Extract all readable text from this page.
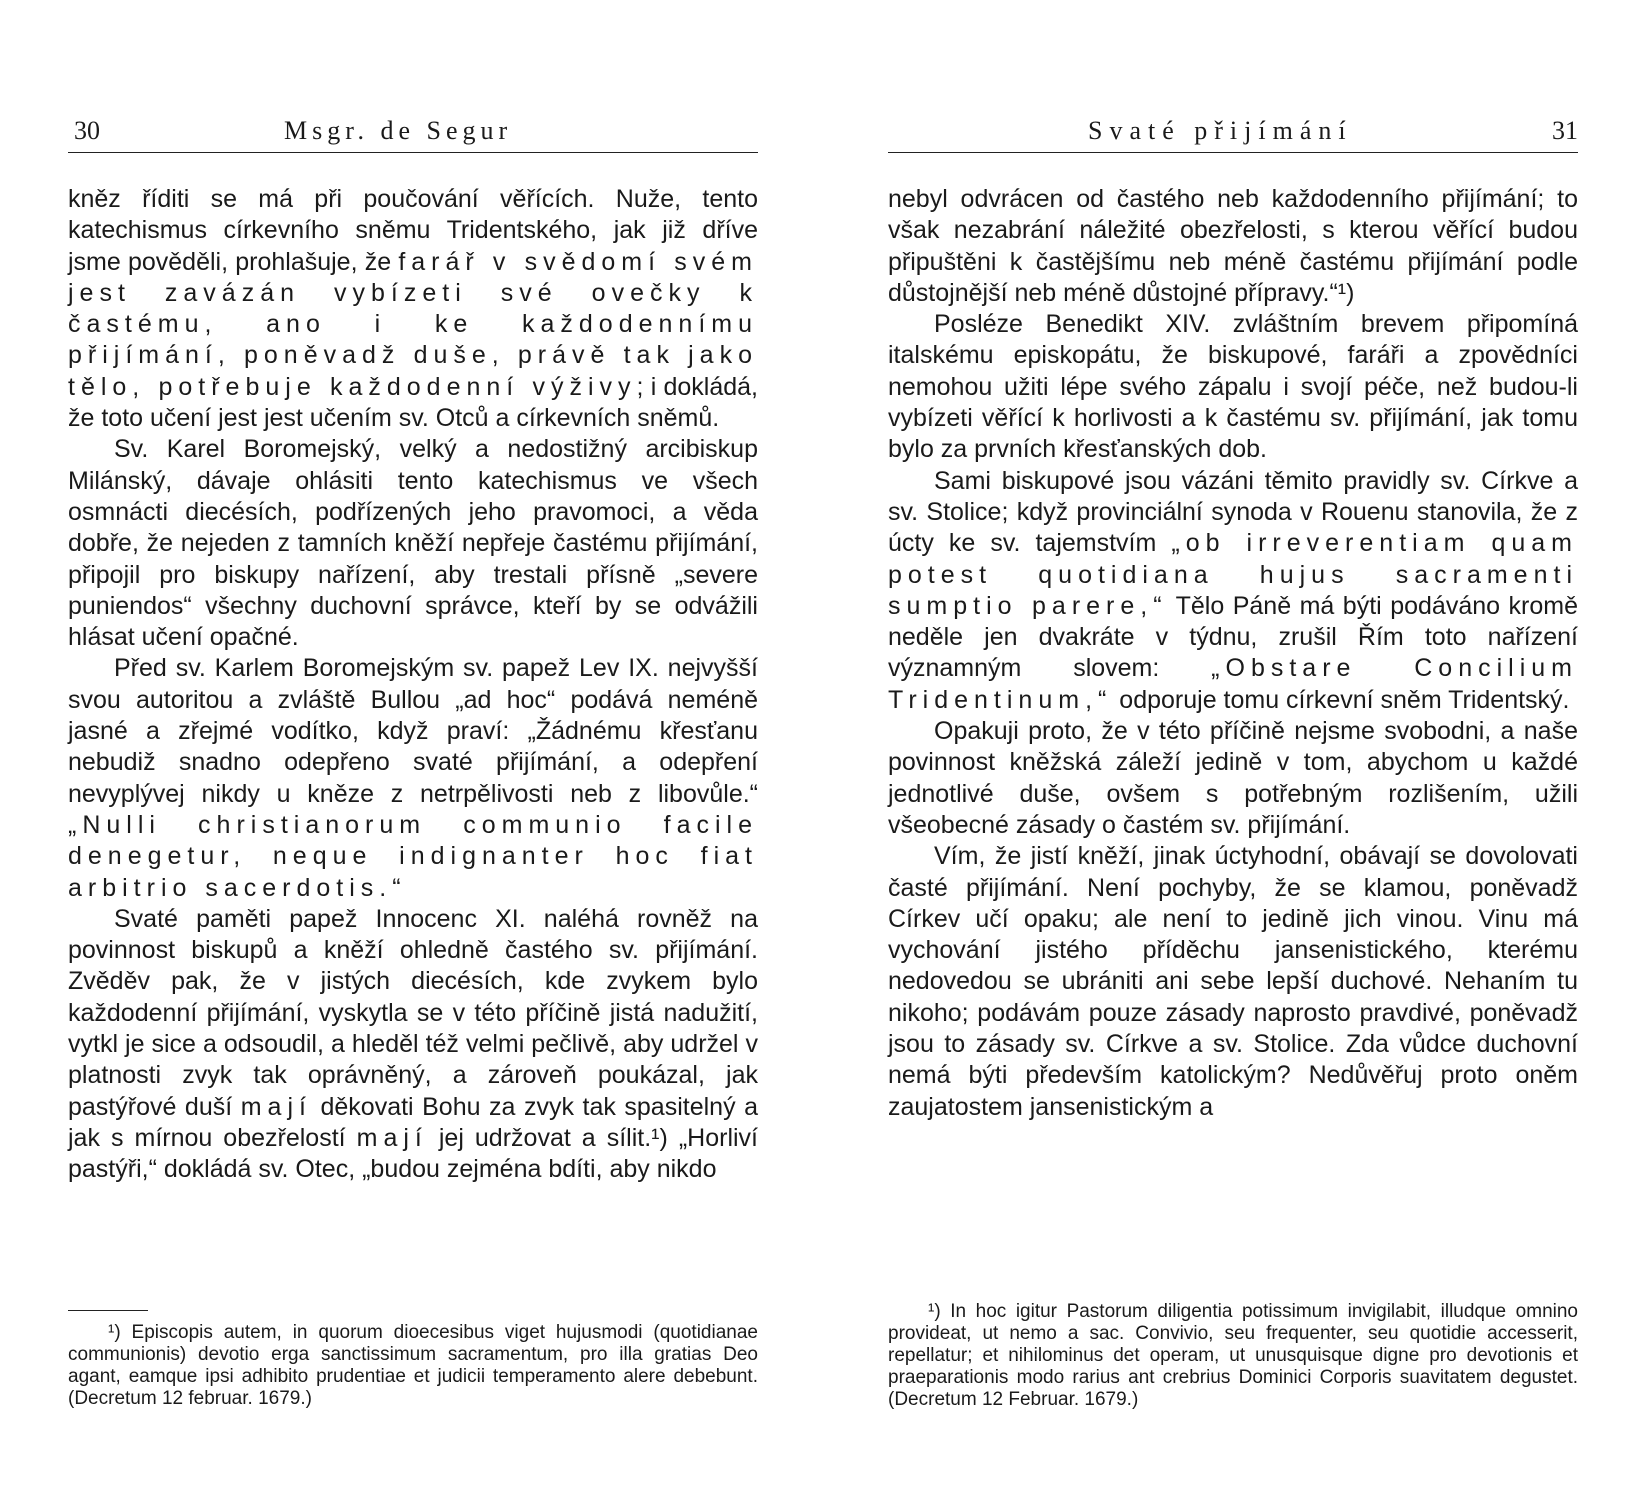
30	Msgr. de Segur

kněz říditi se má při poučování věřících. Nuže, tento katechismus církevního sněmu Tridentského, jak již dříve jsme pověděli, prohlašuje, že farář v svědomí svém jest zavázán vybízeti své ovečky k častému, ano i ke každodennímu přijímání, poněvadž duše, právě tak jako tělo, potřebuje každodenní výživy; i dokládá, že toto učení jest jest učením sv. Otců a církevních sněmů.

Sv. Karel Boromejský, velký a nedostižný arcibiskup Milánský, dávaje ohlásiti tento katechismus ve všech osmnácti diecésích, podřízených jeho pravomoci, a věda dobře, že nejeden z tamních kněží nepřeje častému přijímání, připojil pro biskupy nařízení, aby trestali přísně „severe puniendos“ všechny duchovní správce, kteří by se odvážili hlásat učení opačné.

Před sv. Karlem Boromejským sv. papež Lev IX. nejvyšší svou autoritou a zvláště Bullou „ad hoc“ podává neméně jasné a zřejmé vodítko, když praví: „Žádnému křesťanu nebudiž snadno odepřeno svaté přijímání, a odepření nevyplývej nikdy u kněze z netrpělivosti neb z libovůle.“ „Nulli christianorum communio facile denegetur, neque indignanter hoc fiat arbitrio sacerdotis.“

Svaté paměti papež Innocenc XI. naléhá rovněž na povinnost biskupů a kněží ohledně častého sv. přijímání. Zvěděv pak, že v jistých diecésích, kde zvykem bylo každodenní přijímání, vyskytla se v této příčině jistá nadužití, vytkl je sice a odsoudil, a hleděl též velmi pečlivě, aby udržel v platnosti zvyk tak oprávněný, a zároveň poukázal, jak pastýřové duší mají děkovati Bohu za zvyk tak spasitelný a jak s mírnou obezřelostí mají jej udržovat a sílit.¹) „Horliví pastýři,“ dokládá sv. Otec, „budou zejména bdíti, aby nikdo

¹) Episcopis autem, in quorum dioecesibus viget hujusmodi (quotidianae communionis) devotio erga sanctissimum sacramentum, pro illa gratias Deo agant, eamque ipsi adhibito prudentiae et judicii temperamento alere debebunt. (Decretum 12 februar. 1679.)
Svaté přijímání	31

nebyl odvrácen od častého neb každodenního přijímání; to však nezabrání náležité obezřelosti, s kterou věřící budou připuštěni k častějšímu neb méně častému přijímání podle důstojnější neb méně důstojné přípravy.“¹)

Posléze Benedikt XIV. zvláštním brevem připomíná italskému episkopátu, že biskupové, faráři a zpovědníci nemohou užiti lépe svého zápalu i svojí péče, než budou-li vybízeti věřící k horlivosti a k častému sv. přijímání, jak tomu bylo za prvních křesťanských dob.

Sami biskupové jsou vázáni těmito pravidly sv. Církve a sv. Stolice; když provinciální synoda v Rouenu stanovila, že z úcty ke sv. tajemstvím „ob irreverentiam quam potest quotidiana hujus sacramenti sumptio parere,“ Tělo Páně má býti podáváno kromě neděle jen dvakráte v týdnu, zrušil Řím toto nařízení významným slovem: „Obstare Concilium Tridentinum,“ odporuje tomu církevní sněm Tridentský.

Opakuji proto, že v této příčině nejsme svobodni, a naše povinnost kněžská záleží jedině v tom, abychom u každé jednotlivé duše, ovšem s potřebným rozlišením, užili všeobecné zásady o častém sv. přijímání.

Vím, že jistí kněží, jinak úctyhodní, obávají se dovolovati časté přijímání. Není pochyby, že se klamou, poněvadž Církev učí opaku; ale není to jedině jich vinou. Vinu má vychování jistého příděchu jansenistického, kterému nedovedou se ubrániti ani sebe lepší duchové. Nehaním tu nikoho; podávám pouze zásady naprosto pravdivé, poněvadž jsou to zásady sv. Církve a sv. Stolice. Zda vůdce duchovní nemá býti především katolickým? Nedůvěřuj proto oněm zaujatostem jansenistickým a

¹) In hoc igitur Pastorum diligentia potissimum invigilabit, illudque omnino provideat, ut nemo a sac. Convivio, seu frequenter, seu quotidie accesserit, repellatur; et nihilominus det operam, ut unusquisque digne pro devotionis et praeparationis modo rarius ant crebrius Dominici Corporis suavitatem degustet. (Decretum 12 Februar. 1679.)
